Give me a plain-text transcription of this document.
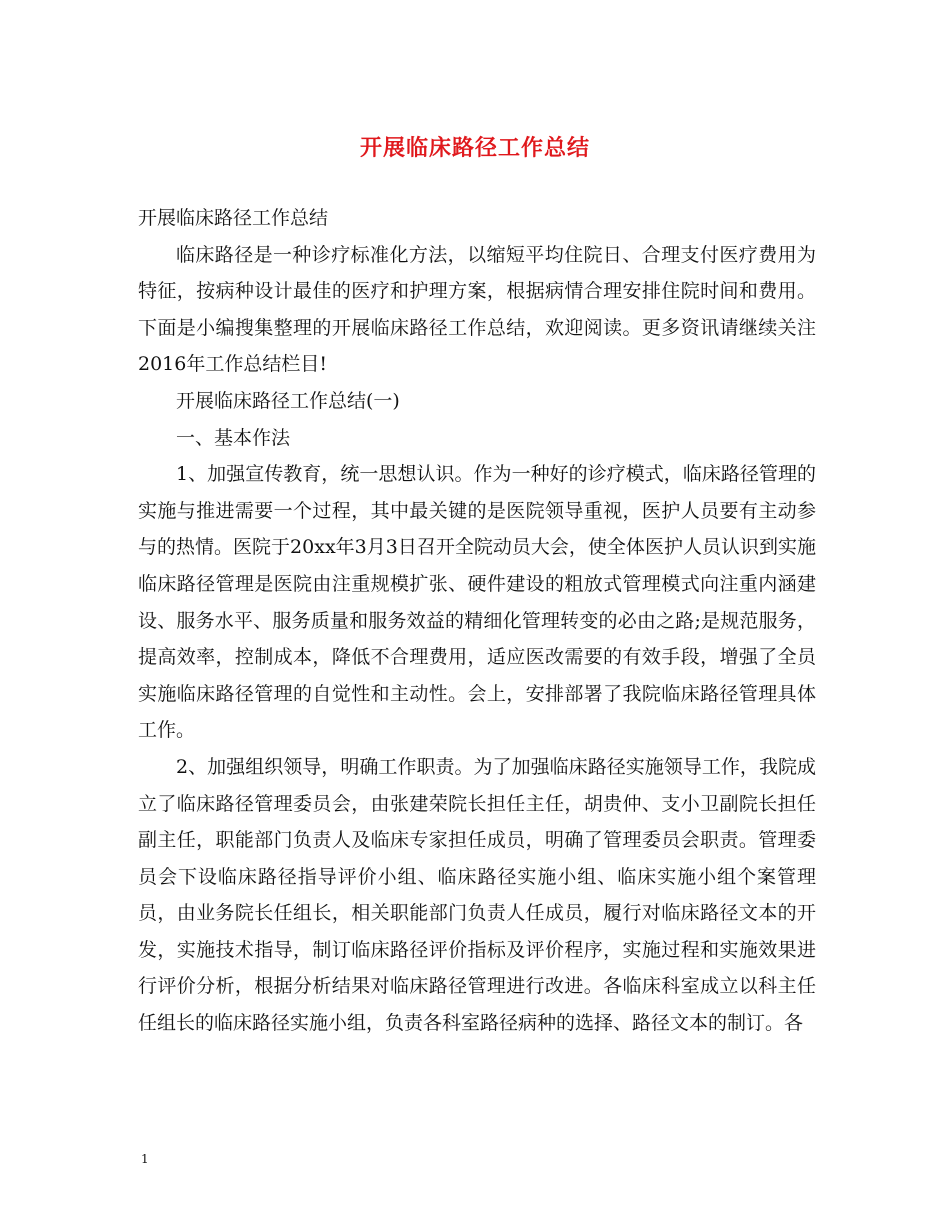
开展临床路径工作总结

开展临床路径工作总结

临床路径是一种诊疗标准化方法，以缩短平均住院日、合理支付医疗费用为特征，按病种设计最佳的医疗和护理方案，根据病情合理安排住院时间和费用。下面是小编搜集整理的开展临床路径工作总结，欢迎阅读。更多资讯请继续关注2016年工作总结栏目!

开展临床路径工作总结(一)

一、基本作法

1、加强宣传教育，统一思想认识。作为一种好的诊疗模式，临床路径管理的实施与推进需要一个过程，其中最关键的是医院领导重视，医护人员要有主动参与的热情。医院于20xx年3月3日召开全院动员大会，使全体医护人员认识到实施临床路径管理是医院由注重规模扩张、硬件建设的粗放式管理模式向注重内涵建设、服务水平、服务质量和服务效益的精细化管理转变的必由之路;是规范服务，提高效率，控制成本，降低不合理费用，适应医改需要的有效手段，增强了全员实施临床路径管理的自觉性和主动性。会上，安排部署了我院临床路径管理具体工作。

2、加强组织领导，明确工作职责。为了加强临床路径实施领导工作，我院成立了临床路径管理委员会，由张建荣院长担任主任，胡贵仲、支小卫副院长担任副主任，职能部门负责人及临床专家担任成员，明确了管理委员会职责。管理委员会下设临床路径指导评价小组、临床路径实施小组、临床实施小组个案管理员，由业务院长任组长，相关职能部门负责人任成员，履行对临床路径文本的开发，实施技术指导，制订临床路径评价指标及评价程序，实施过程和实施效果进行评价分析，根据分析结果对临床路径管理进行改进。各临床科室成立以科主任任组长的临床路径实施小组，负责各科室路径病种的选择、路径文本的制订。各

1
